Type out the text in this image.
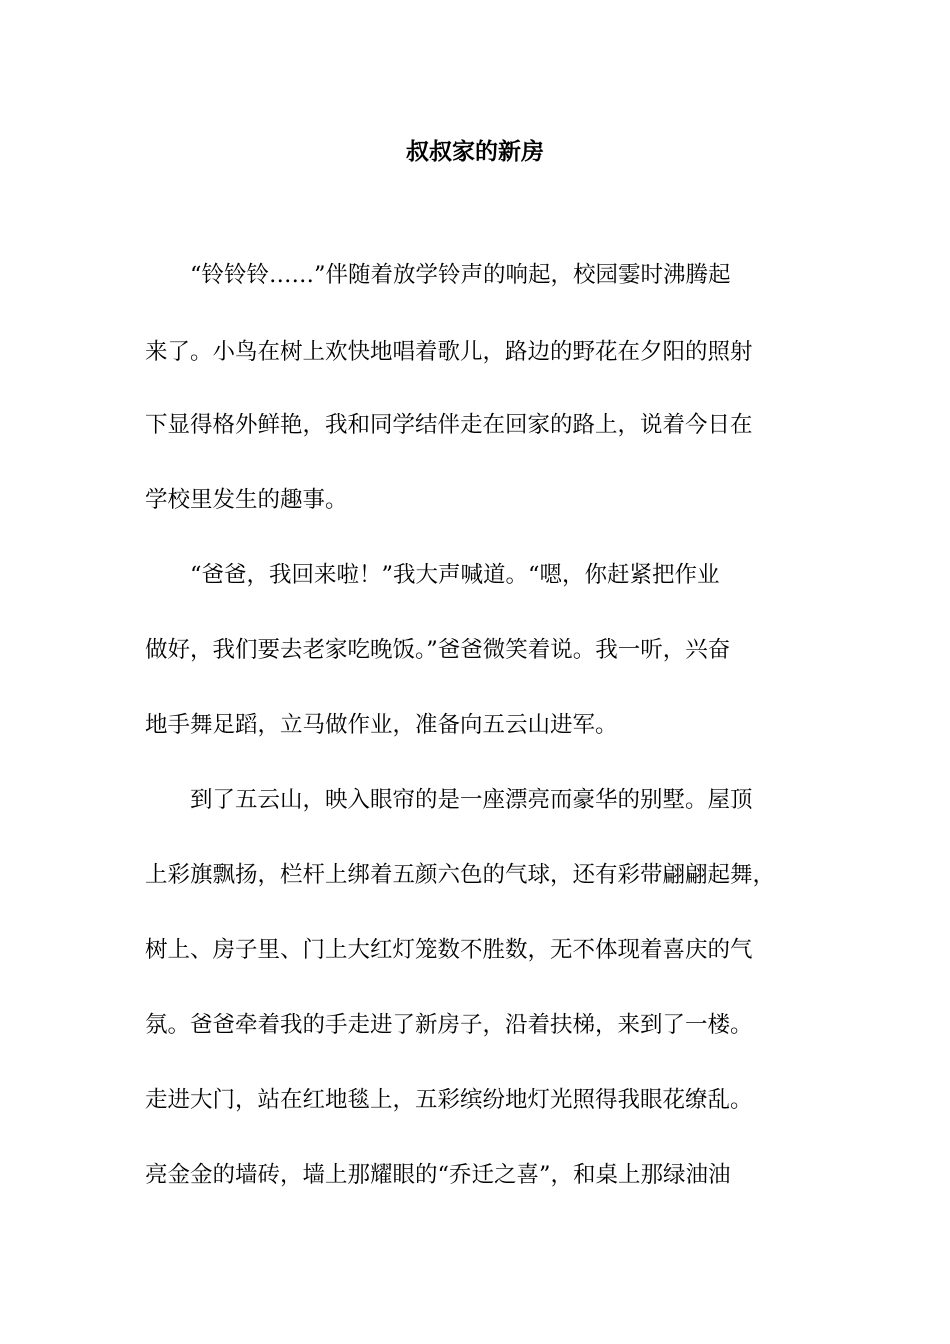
叔叔家的新房

“铃铃铃……”伴随着放学铃声的响起，校园霎时沸腾起

来了。小鸟在树上欢快地唱着歌儿，路边的野花在夕阳的照射

下显得格外鲜艳，我和同学结伴走在回家的路上，说着今日在

学校里发生的趣事。

“爸爸，我回来啦！”我大声喊道。“嗯，你赶紧把作业

做好，我们要去老家吃晚饭。”爸爸微笑着说。我一听，兴奋

地手舞足蹈，立马做作业，准备向五云山进军。

到了五云山，映入眼帘的是一座漂亮而豪华的别墅。屋顶

上彩旗飘扬，栏杆上绑着五颜六色的气球，还有彩带翩翩起舞，

树上、房子里、门上大红灯笼数不胜数，无不体现着喜庆的气

氛。爸爸牵着我的手走进了新房子，沿着扶梯，来到了一楼。

走进大门，站在红地毯上，五彩缤纷地灯光照得我眼花缭乱。

亮金金的墙砖，墙上那耀眼的“乔迁之喜”，和桌上那绿油油
